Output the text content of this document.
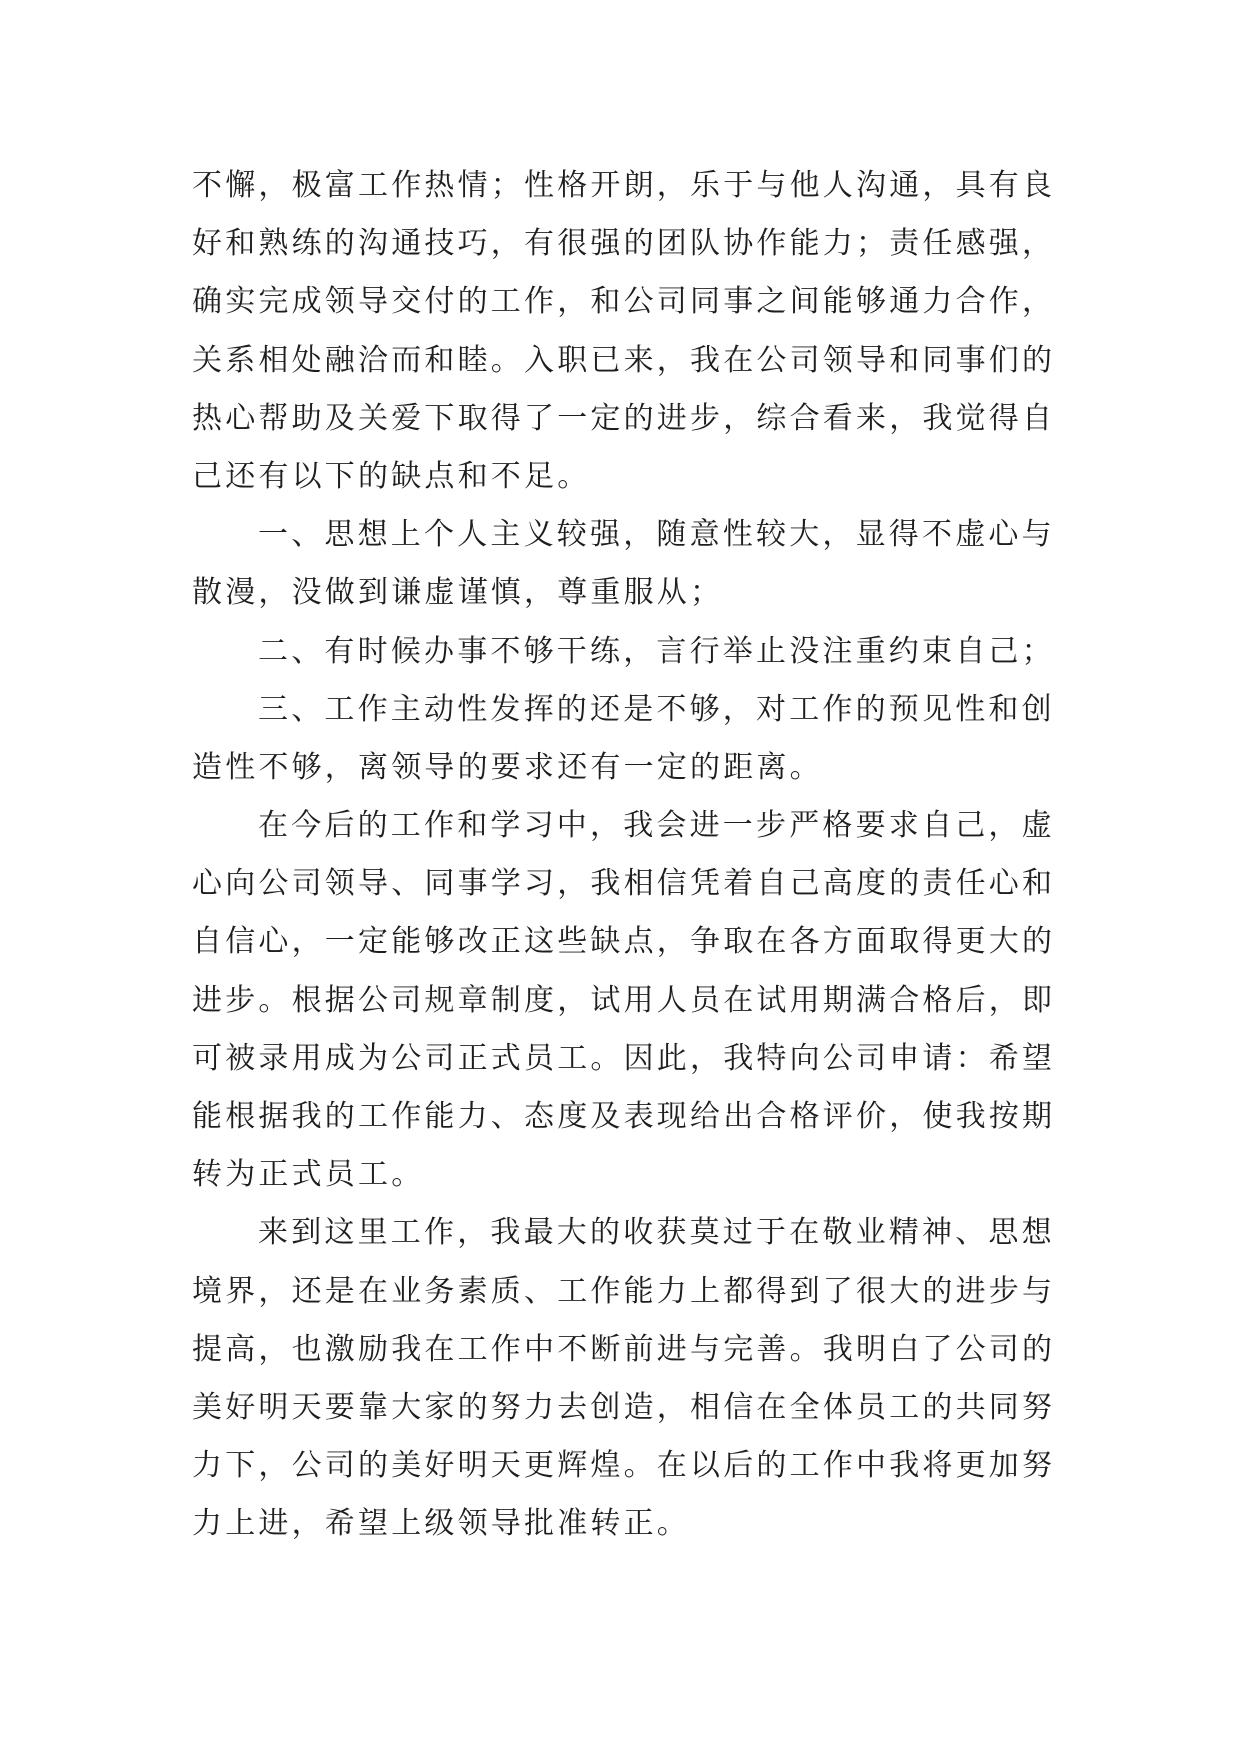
不懈，极富工作热情；性格开朗，乐于与他人沟通，具有良
好和熟练的沟通技巧，有很强的团队协作能力；责任感强，
确实完成领导交付的工作，和公司同事之间能够通力合作，
关系相处融洽而和睦。入职已来，我在公司领导和同事们的
热心帮助及关爱下取得了一定的进步，综合看来，我觉得自
己还有以下的缺点和不足。
一、思想上个人主义较强，随意性较大，显得不虚心与
散漫，没做到谦虚谨慎，尊重服从；
二、有时候办事不够干练，言行举止没注重约束自己；
三、工作主动性发挥的还是不够，对工作的预见性和创
造性不够，离领导的要求还有一定的距离。
在今后的工作和学习中，我会进一步严格要求自己，虚
心向公司领导、同事学习，我相信凭着自己高度的责任心和
自信心，一定能够改正这些缺点，争取在各方面取得更大的
进步。根据公司规章制度，试用人员在试用期满合格后，即
可被录用成为公司正式员工。因此，我特向公司申请：希望
能根据我的工作能力、态度及表现给出合格评价，使我按期
转为正式员工。
来到这里工作，我最大的收获莫过于在敬业精神、思想
境界，还是在业务素质、工作能力上都得到了很大的进步与
提高，也激励我在工作中不断前进与完善。我明白了公司的
美好明天要靠大家的努力去创造，相信在全体员工的共同努
力下，公司的美好明天更辉煌。在以后的工作中我将更加努
力上进，希望上级领导批准转正。
